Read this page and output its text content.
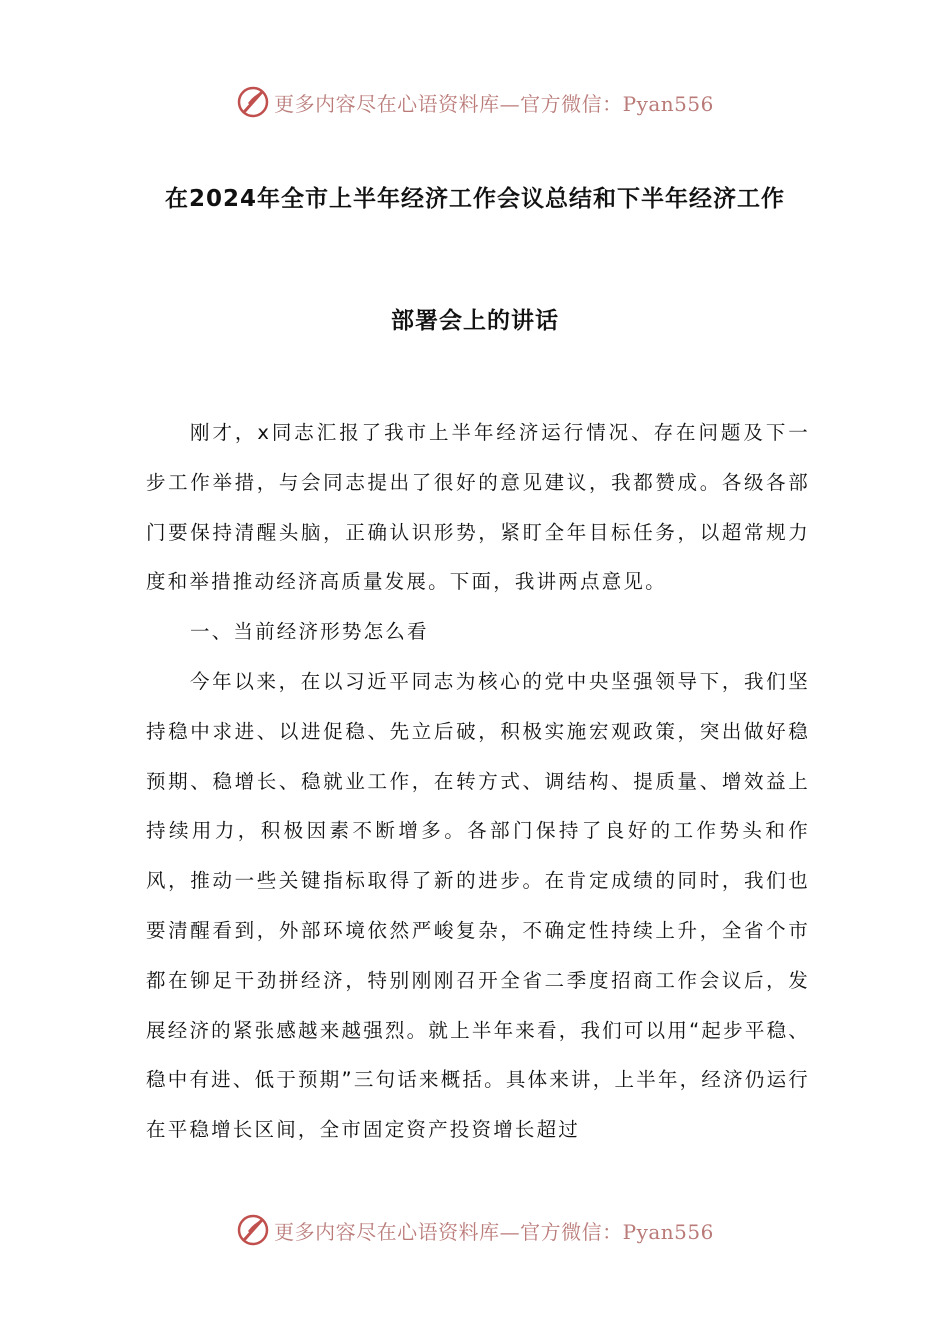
更多内容尽在心语资料库—官方微信：Pyan556
在2024年全市上半年经济工作会议总结和下半年经济工作
部署会上的讲话

刚才，x同志汇报了我市上半年经济运行情况、存在问题及下一步工作举措，与会同志提出了很好的意见建议，我都赞成。各级各部门要保持清醒头脑，正确认识形势，紧盯全年目标任务，以超常规力度和举措推动经济高质量发展。下面，我讲两点意见。

一、当前经济形势怎么看

今年以来，在以习近平同志为核心的党中央坚强领导下，我们坚持稳中求进、以进促稳、先立后破，积极实施宏观政策，突出做好稳预期、稳增长、稳就业工作，在转方式、调结构、提质量、增效益上持续用力，积极因素不断增多。各部门保持了良好的工作势头和作风，推动一些关键指标取得了新的进步。在肯定成绩的同时，我们也要清醒看到，外部环境依然严峻复杂，不确定性持续上升，全省个市都在铆足干劲拼经济，特别刚刚召开全省二季度招商工作会议后，发展经济的紧张感越来越强烈。就上半年来看，我们可以用“起步平稳、稳中有进、低于预期”三句话来概括。具体来讲，上半年，经济仍运行在平稳增长区间，全市固定资产投资增长超过

更多内容尽在心语资料库—官方微信：Pyan556
